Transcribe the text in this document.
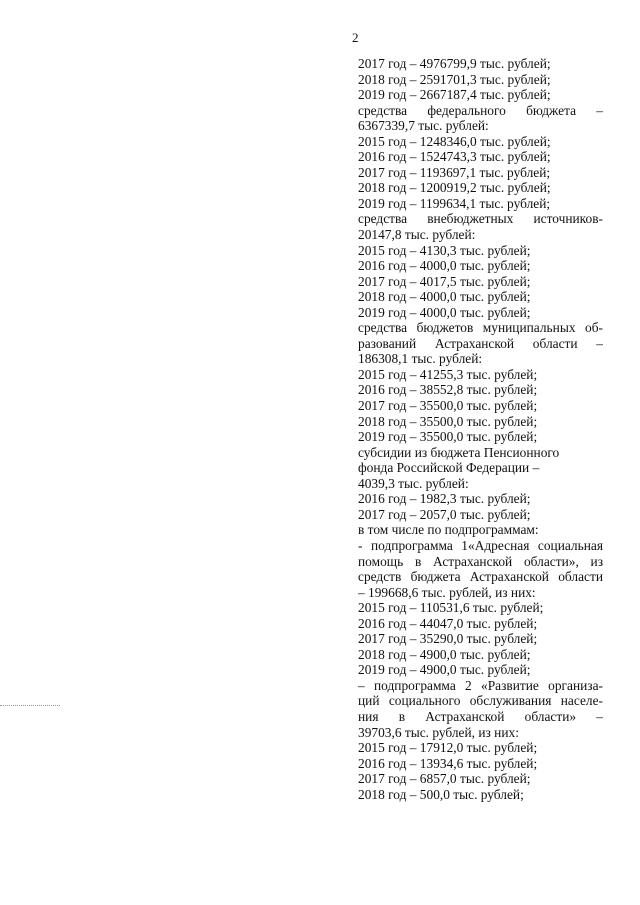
2
2017 год – 4976799,9 тыс. рублей;
2018 год – 2591701,3 тыс. рублей;
2019 год – 2667187,4 тыс. рублей;
средства федерального бюджета –
6367339,7 тыс. рублей:
2015 год – 1248346,0 тыс. рублей;
2016 год – 1524743,3 тыс. рублей;
2017 год – 1193697,1 тыс. рублей;
2018 год – 1200919,2 тыс. рублей;
2019 год – 1199634,1 тыс. рублей;
средства внебюджетных источников-
20147,8 тыс. рублей:
2015 год – 4130,3 тыс. рублей;
2016 год – 4000,0 тыс. рублей;
2017 год – 4017,5 тыс. рублей;
2018 год – 4000,0 тыс. рублей;
2019 год – 4000,0 тыс. рублей;
средства бюджетов муниципальных об-
разований Астраханской области –
186308,1 тыс. рублей:
2015 год – 41255,3 тыс. рублей;
2016 год – 38552,8 тыс. рублей;
2017 год – 35500,0 тыс. рублей;
2018 год – 35500,0 тыс. рублей;
2019 год – 35500,0 тыс. рублей;
субсидии из бюджета Пенсионного
фонда Российской Федерации –
4039,3 тыс. рублей:
2016 год – 1982,3 тыс. рублей;
2017 год – 2057,0 тыс. рублей;
в том числе по подпрограммам:
- подпрограмма 1«Адресная социальная
помощь в Астраханской области», из
средств бюджета Астраханской области
– 199668,6 тыс. рублей, из них:
2015 год – 110531,6 тыс. рублей;
2016 год – 44047,0 тыс. рублей;
2017 год – 35290,0 тыс. рублей;
2018 год – 4900,0 тыс. рублей;
2019 год – 4900,0 тыс. рублей;
– подпрограмма 2 «Развитие организа-
ций социального обслуживания населе-
ния в Астраханской области» –
39703,6 тыс. рублей, из них:
2015 год – 17912,0 тыс. рублей;
2016 год – 13934,6 тыс. рублей;
2017 год – 6857,0 тыс. рублей;
2018 год – 500,0 тыс. рублей;
